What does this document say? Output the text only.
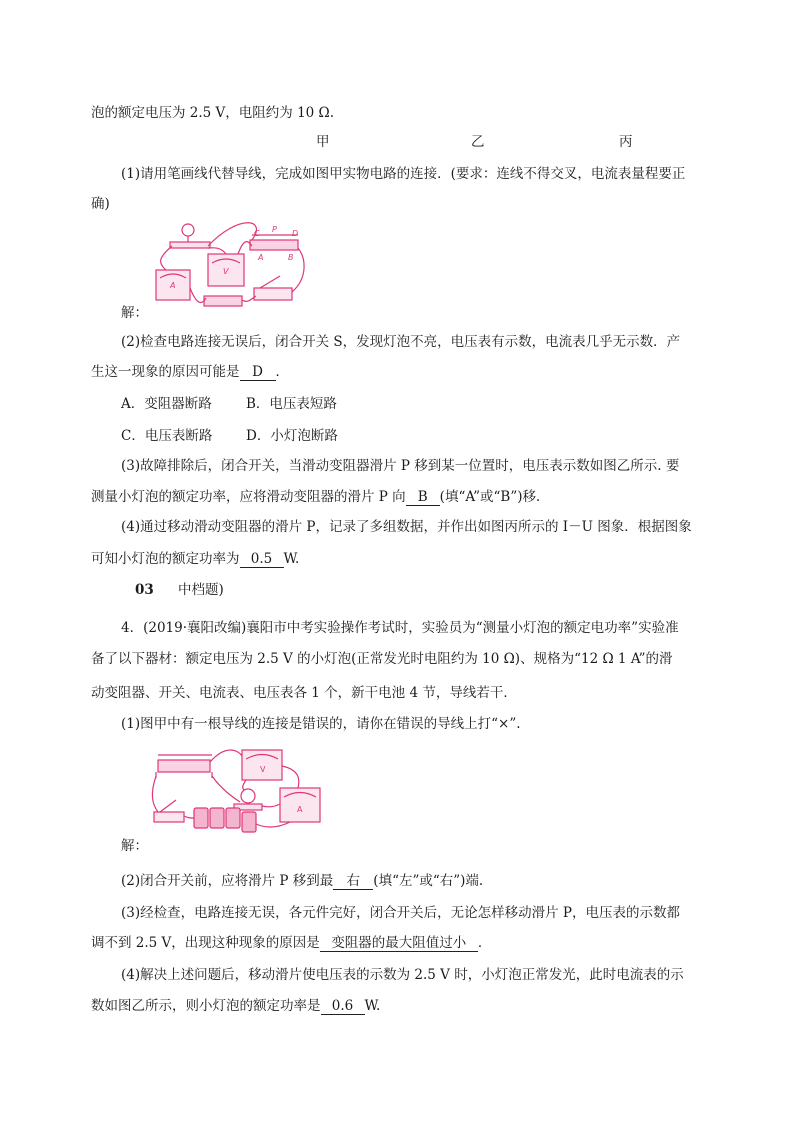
泡的额定电压为 2.5 V，电阻约为 10 Ω.
甲	乙	丙
(1)请用笔画线代替导线，完成如图甲实物电路的连接．(要求：连线不得交叉，电流表量程要正
确)
A
V
C P D
A	B
解：
(2)检查电路连接无误后，闭合开关 S，发现灯泡不亮，电压表有示数，电流表几乎无示数．产
生这一现象的原因可能是 D ．
A．变阻器断路	B．电压表短路
C．电压表断路 D．小灯泡断路
(3)故障排除后，闭合开关，当滑动变阻器滑片 P 移到某一位置时，电压表示数如图乙所示. 要
测量小灯泡的额定功率，应将滑动变阻器的滑片 P 向 B (填“A”或“B”)移．
(4)通过移动滑动变阻器的滑片 P，记录了多组数据，并作出如图丙所示的 I－U 图象．根据图象
可知小灯泡的额定功率为 0.5 W.
03 中档题)
4．(2019·襄阳改编)襄阳市中考实验操作考试时，实验员为“测量小灯泡的额定电功率”实验准
备了以下器材：额定电压为 2.5 V 的小灯泡(正常发光时电阻约为 10 Ω)、规格为“12 Ω 1 A”的滑
动变阻器、开关、电流表、电压表各 1 个，新干电池 4 节，导线若干．
(1)图甲中有一根导线的连接是错误的，请你在错误的导线上打“×”.
V
A
解：
(2)闭合开关前，应将滑片 P 移到最 右 (填“左”或“右”)端.
(3)经检查，电路连接无误，各元件完好，闭合开关后，无论怎样移动滑片 P，电压表的示数都
调不到 2.5 V，出现这种现象的原因是 变阻器的最大阻值过小 ．
(4)解决上述问题后，移动滑片使电压表的示数为 2.5 V 时，小灯泡正常发光，此时电流表的示
数如图乙所示，则小灯泡的额定功率是 0.6 W.
